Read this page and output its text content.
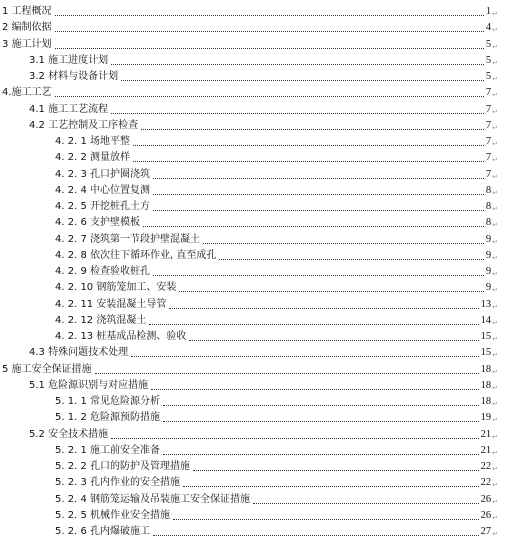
1 工程概况	1 ↵
2 编制依据	4 ↵
3 施工计划	5 ↵
3.1 施工进度计划	5 ↵
3.2 材料与设备计划	5 ↵
4.施工工艺	7 ↵
4.1 施工工艺流程	7 ↵
4.2 工艺控制及工序检查	7 ↵
4. 2. 1 场地平整	7 ↵
4. 2. 2 测量放样	7 ↵
4. 2. 3 孔口护圈浇筑	7 ↵
4. 2. 4 中心位置复测	8 ↵
4. 2. 5 开挖桩孔土方	8 ↵
4. 2. 6 支护壁模板	8 ↵
4. 2. 7 浇筑第一节段护壁混凝土	9 ↵
4. 2. 8 依次往下循环作业, 直至成孔	9 ↵
4. 2. 9 检查验收桩孔	9 ↵
4. 2. 10 钢筋笼加工、安装	9 ↵
4. 2. 11 安装混凝土导管	13 ↵
4. 2. 12 浇筑混凝土	14 ↵
4. 2. 13 桩基成品检测、验收	15 ↵
4.3 特殊问题技术处理	15 ↵
5 施工安全保证措施	18 ↵
5.1 危险源识别与对应措施	18 ↵
5. 1. 1 常见危险源分析	18 ↵
5. 1. 2 危险源预防措施	19 ↵
5.2 安全技术措施	21 ↵
5. 2. 1 施工前安全准备	21 ↵
5. 2. 2 孔口的防护及管理措施	22 ↵
5. 2. 3 孔内作业的安全措施	22 ↵
5. 2. 4 钢筋笼运输及吊装施工安全保证措施	26 ↵
5. 2. 5 机械作业安全措施	26 ↵
5. 2. 6 孔内爆破施工	27 ↵
